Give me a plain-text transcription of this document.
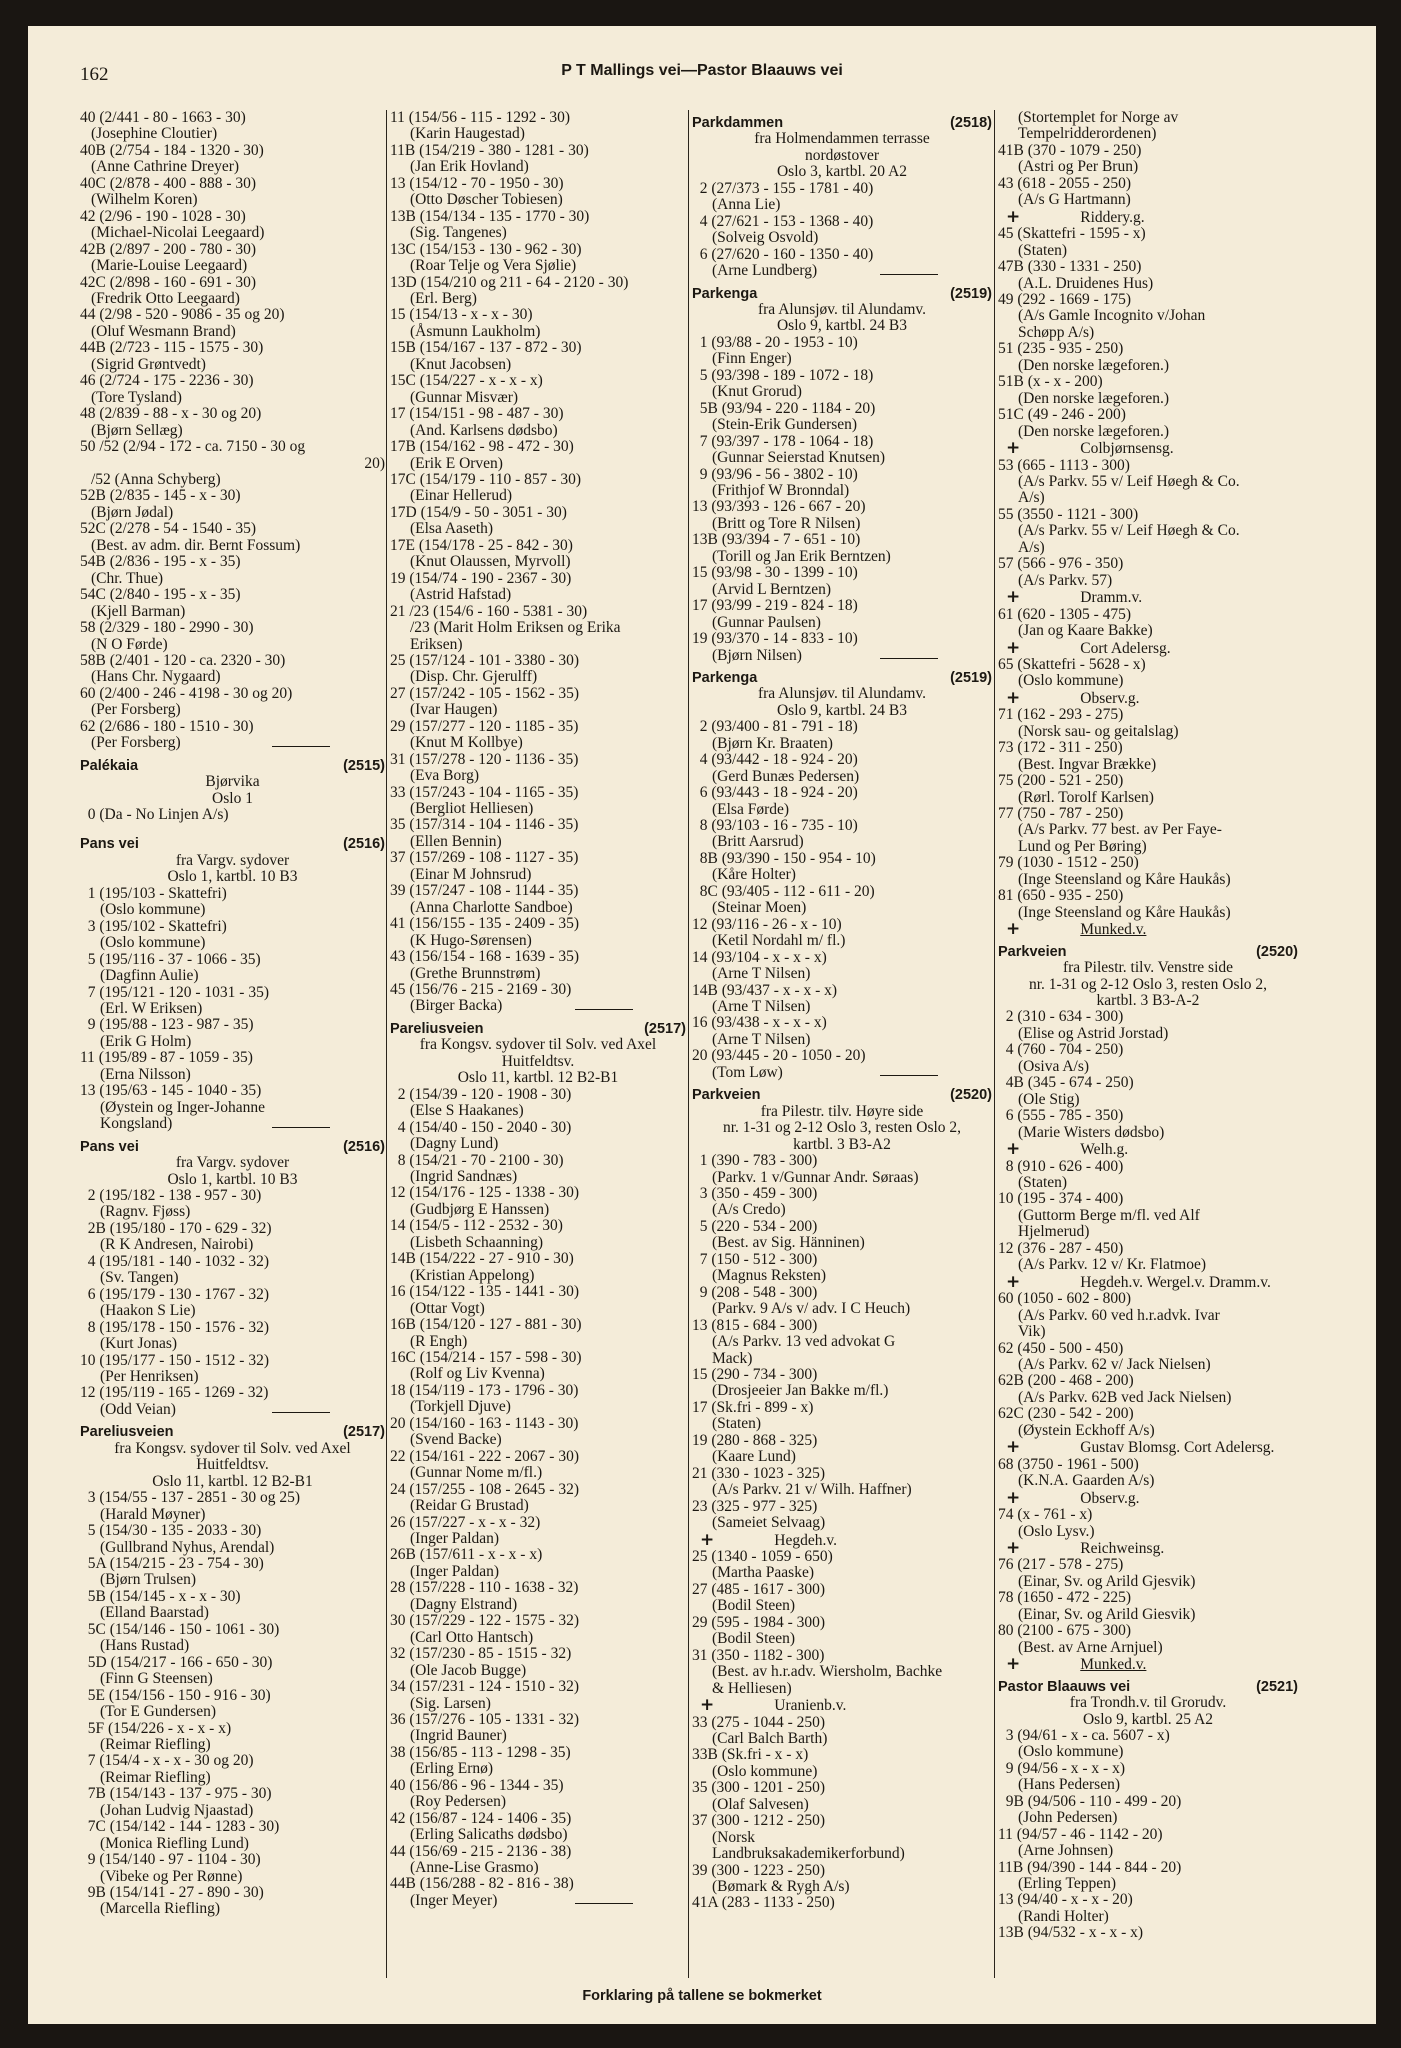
162	P T Mallings vei—Pastor Blaauws vei
40 (2/441 - 80 - 1663 - 30)
(Josephine Cloutier)
40B (2/754 - 184 - 1320 - 30)
(Anne Cathrine Dreyer)
40C (2/878 - 400 - 888 - 30)
(Wilhelm Koren)
42 (2/96 - 190 - 1028 - 30)
(Michael-Nicolai Leegaard)
42B (2/897 - 200 - 780 - 30)
(Marie-Louise Leegaard)
42C (2/898 - 160 - 691 - 30)
(Fredrik Otto Leegaard)
44 (2/98 - 520 - 9086 - 35 og 20)
(Oluf Wesmann Brand)
44B (2/723 - 115 - 1575 - 30)
(Sigrid Grøntvedt)
46 (2/724 - 175 - 2236 - 30)
(Tore Tysland)
48 (2/839 - 88 - x - 30 og 20)
(Bjørn Sellæg)
50 /52 (2/94 - 172 - ca. 7150 - 30 og
20)
/52 (Anna Schyberg)
52B (2/835 - 145 - x - 30)
(Bjørn Jødal)
52C (2/278 - 54 - 1540 - 35)
(Best. av adm. dir. Bernt Fossum)
54B (2/836 - 195 - x - 35)
(Chr. Thue)
54C (2/840 - 195 - x - 35)
(Kjell Barman)
58 (2/329 - 180 - 2990 - 30)
(N O Førde)
58B (2/401 - 120 - ca. 2320 - 30)
(Hans Chr. Nygaard)
60 (2/400 - 246 - 4198 - 30 og 20)
(Per Forsberg)
62 (2/686 - 180 - 1510 - 30)
(Per Forsberg)
Palékaia	(2515)
Bjørvika
Oslo 1
0 (Da - No Linjen A/s)
Pans vei	(2516)
fra Vargv. sydover
Oslo 1, kartbl. 10 B3
1 (195/103 - Skattefri)
(Oslo kommune)
3 (195/102 - Skattefri)
(Oslo kommune)
5 (195/116 - 37 - 1066 - 35)
(Dagfinn Aulie)
7 (195/121 - 120 - 1031 - 35)
(Erl. W Eriksen)
9 (195/88 - 123 - 987 - 35)
(Erik G Holm)
11 (195/89 - 87 - 1059 - 35)
(Erna Nilsson)
13 (195/63 - 145 - 1040 - 35)
(Øystein og Inger-Johanne
Kongsland)
Pans vei	(2516)
fra Vargv. sydover
Oslo 1, kartbl. 10 B3
2 (195/182 - 138 - 957 - 30)
(Ragnv. Fjøss)
2B (195/180 - 170 - 629 - 32)
(R K Andresen, Nairobi)
4 (195/181 - 140 - 1032 - 32)
(Sv. Tangen)
6 (195/179 - 130 - 1767 - 32)
(Haakon S Lie)
8 (195/178 - 150 - 1576 - 32)
(Kurt Jonas)
10 (195/177 - 150 - 1512 - 32)
(Per Henriksen)
12 (195/119 - 165 - 1269 - 32)
(Odd Veian)
Pareliusveien	(2517)
fra Kongsv. sydover til Solv. ved Axel
Huitfeldtsv.
Oslo 11, kartbl. 12 B2-B1
3 (154/55 - 137 - 2851 - 30 og 25)
(Harald Møyner)
5 (154/30 - 135 - 2033 - 30)
(Gullbrand Nyhus, Arendal)
5A (154/215 - 23 - 754 - 30)
(Bjørn Trulsen)
5B (154/145 - x - x - 30)
(Elland Baarstad)
5C (154/146 - 150 - 1061 - 30)
(Hans Rustad)
5D (154/217 - 166 - 650 - 30)
(Finn G Steensen)
5E (154/156 - 150 - 916 - 30)
(Tor E Gundersen)
5F (154/226 - x - x - x)
(Reimar Riefling)
7 (154/4 - x - x - 30 og 20)
(Reimar Riefling)
7B (154/143 - 137 - 975 - 30)
(Johan Ludvig Njaastad)
7C (154/142 - 144 - 1283 - 30)
(Monica Riefling Lund)
9 (154/140 - 97 - 1104 - 30)
(Vibeke og Per Rønne)
9B (154/141 - 27 - 890 - 30)
(Marcella Riefling)
11 (154/56 - 115 - 1292 - 30)
(Karin Haugestad)
11B (154/219 - 380 - 1281 - 30)
(Jan Erik Hovland)
13 (154/12 - 70 - 1950 - 30)
(Otto Døscher Tobiesen)
13B (154/134 - 135 - 1770 - 30)
(Sig. Tangenes)
13C (154/153 - 130 - 962 - 30)
(Roar Telje og Vera Sjølie)
13D (154/210 og 211 - 64 - 2120 - 30)
(Erl. Berg)
15 (154/13 - x - x - 30)
(Åsmunn Laukholm)
15B (154/167 - 137 - 872 - 30)
(Knut Jacobsen)
15C (154/227 - x - x - x)
(Gunnar Misvær)
17 (154/151 - 98 - 487 - 30)
(And. Karlsens dødsbo)
17B (154/162 - 98 - 472 - 30)
(Erik E Orven)
17C (154/179 - 110 - 857 - 30)
(Einar Hellerud)
17D (154/9 - 50 - 3051 - 30)
(Elsa Aaseth)
17E (154/178 - 25 - 842 - 30)
(Knut Olaussen, Myrvoll)
19 (154/74 - 190 - 2367 - 30)
(Astrid Hafstad)
21 /23 (154/6 - 160 - 5381 - 30)
/23 (Marit Holm Eriksen og Erika
Eriksen)
25 (157/124 - 101 - 3380 - 30)
(Disp. Chr. Gjerulff)
27 (157/242 - 105 - 1562 - 35)
(Ivar Haugen)
29 (157/277 - 120 - 1185 - 35)
(Knut M Kollbye)
31 (157/278 - 120 - 1136 - 35)
(Eva Borg)
33 (157/243 - 104 - 1165 - 35)
(Bergliot Helliesen)
35 (157/314 - 104 - 1146 - 35)
(Ellen Bennin)
37 (157/269 - 108 - 1127 - 35)
(Einar M Johnsrud)
39 (157/247 - 108 - 1144 - 35)
(Anna Charlotte Sandboe)
41 (156/155 - 135 - 2409 - 35)
(K Hugo-Sørensen)
43 (156/154 - 168 - 1639 - 35)
(Grethe Brunnstrøm)
45 (156/76 - 215 - 2169 - 30)
(Birger Backa)
Pareliusveien	(2517)
fra Kongsv. sydover til Solv. ved Axel
Huitfeldtsv.
Oslo 11, kartbl. 12 B2-B1
2 (154/39 - 120 - 1908 - 30)
(Else S Haakanes)
4 (154/40 - 150 - 2040 - 30)
(Dagny Lund)
8 (154/21 - 70 - 2100 - 30)
(Ingrid Sandnæs)
12 (154/176 - 125 - 1338 - 30)
(Gudbjørg E Hanssen)
14 (154/5 - 112 - 2532 - 30)
(Lisbeth Schaanning)
14B (154/222 - 27 - 910 - 30)
(Kristian Appelong)
16 (154/122 - 135 - 1441 - 30)
(Ottar Vogt)
16B (154/120 - 127 - 881 - 30)
(R Engh)
16C (154/214 - 157 - 598 - 30)
(Rolf og Liv Kvenna)
18 (154/119 - 173 - 1796 - 30)
(Torkjell Djuve)
20 (154/160 - 163 - 1143 - 30)
(Svend Backe)
22 (154/161 - 222 - 2067 - 30)
(Gunnar Nome m/fl.)
24 (157/255 - 108 - 2645 - 32)
(Reidar G Brustad)
26 (157/227 - x - x - 32)
(Inger Paldan)
26B (157/611 - x - x - x)
(Inger Paldan)
28 (157/228 - 110 - 1638 - 32)
(Dagny Elstrand)
30 (157/229 - 122 - 1575 - 32)
(Carl Otto Hantsch)
32 (157/230 - 85 - 1515 - 32)
(Ole Jacob Bugge)
34 (157/231 - 124 - 1510 - 32)
(Sig. Larsen)
36 (157/276 - 105 - 1331 - 32)
(Ingrid Bauner)
38 (156/85 - 113 - 1298 - 35)
(Erling Ernø)
40 (156/86 - 96 - 1344 - 35)
(Roy Pedersen)
42 (156/87 - 124 - 1406 - 35)
(Erling Salicaths dødsbo)
44 (156/69 - 215 - 2136 - 38)
(Anne-Lise Grasmo)
44B (156/288 - 82 - 816 - 38)
(Inger Meyer)
Parkdammen	(2518)
fra Holmendammen terrasse
nordøstover
Oslo 3, kartbl. 20 A2
2 (27/373 - 155 - 1781 - 40)
(Anna Lie)
4 (27/621 - 153 - 1368 - 40)
(Solveig Osvold)
6 (27/620 - 160 - 1350 - 40)
(Arne Lundberg)
Parkenga	(2519)
fra Alunsjøv. til Alundamv.
Oslo 9, kartbl. 24 B3
1 (93/88 - 20 - 1953 - 10)
(Finn Enger)
5 (93/398 - 189 - 1072 - 18)
(Knut Grorud)
5B (93/94 - 220 - 1184 - 20)
(Stein-Erik Gundersen)
7 (93/397 - 178 - 1064 - 18)
(Gunnar Seierstad Knutsen)
9 (93/96 - 56 - 3802 - 10)
(Frithjof W Bronndal)
13 (93/393 - 126 - 667 - 20)
(Britt og Tore R Nilsen)
13B (93/394 - 7 - 651 - 10)
(Torill og Jan Erik Berntzen)
15 (93/98 - 30 - 1399 - 10)
(Arvid L Berntzen)
17 (93/99 - 219 - 824 - 18)
(Gunnar Paulsen)
19 (93/370 - 14 - 833 - 10)
(Bjørn Nilsen)
Parkenga	(2519)
fra Alunsjøv. til Alundamv.
Oslo 9, kartbl. 24 B3
2 (93/400 - 81 - 791 - 18)
(Bjørn Kr. Braaten)
4 (93/442 - 18 - 924 - 20)
(Gerd Bunæs Pedersen)
6 (93/443 - 18 - 924 - 20)
(Elsa Førde)
8 (93/103 - 16 - 735 - 10)
(Britt Aarsrud)
8B (93/390 - 150 - 954 - 10)
(Kåre Holter)
8C (93/405 - 112 - 611 - 20)
(Steinar Moen)
12 (93/116 - 26 - x - 10)
(Ketil Nordahl m/ fl.)
14 (93/104 - x - x - x)
(Arne T Nilsen)
14B (93/437 - x - x - x)
(Arne T Nilsen)
16 (93/438 - x - x - x)
(Arne T Nilsen)
20 (93/445 - 20 - 1050 - 20)
(Tom Løw)
Parkveien	(2520)
fra Pilestr. tilv. Høyre side
nr. 1-31 og 2-12 Oslo 3, resten Oslo 2,
kartbl. 3 B3-A2
1 (390 - 783 - 300)
(Parkv. 1 v/Gunnar Andr. Søraas)
3 (350 - 459 - 300)
(A/s Credo)
5 (220 - 534 - 200)
(Best. av Sig. Hänninen)
7 (150 - 512 - 300)
(Magnus Reksten)
9 (208 - 548 - 300)
(Parkv. 9 A/s v/ adv. I C Heuch)
13 (815 - 684 - 300)
(A/s Parkv. 13 ved advokat G
Mack)
15 (290 - 734 - 300)
(Drosjeeier Jan Bakke m/fl.)
17 (Sk.fri - 899 - x)
(Staten)
19 (280 - 868 - 325)
(Kaare Lund)
21 (330 - 1023 - 325)
(A/s Parkv. 21 v/ Wilh. Haffner)
23 (325 - 977 - 325)
(Sameiet Selvaag)
+	Hegdeh.v.
25 (1340 - 1059 - 650)
(Martha Paaske)
27 (485 - 1617 - 300)
(Bodil Steen)
29 (595 - 1984 - 300)
(Bodil Steen)
31 (350 - 1182 - 300)
(Best. av h.r.adv. Wiersholm, Bachke
& Helliesen)
+	Uranienb.v.
33 (275 - 1044 - 250)
(Carl Balch Barth)
33B (Sk.fri - x - x)
(Oslo kommune)
35 (300 - 1201 - 250)
(Olaf Salvesen)
37 (300 - 1212 - 250)
(Norsk
Landbruksakademikerforbund)
39 (300 - 1223 - 250)
(Bømark & Rygh A/s)
41A (283 - 1133 - 250)
(Stortemplet for Norge av
Tempelridderordenen)
41B (370 - 1079 - 250)
(Astri og Per Brun)
43 (618 - 2055 - 250)
(A/s G Hartmann)
+	Riddery.g.
45 (Skattefri - 1595 - x)
(Staten)
47B (330 - 1331 - 250)
(A.L. Druidenes Hus)
49 (292 - 1669 - 175)
(A/s Gamle Incognito v/Johan
Schøpp A/s)
51 (235 - 935 - 250)
(Den norske lægeforen.)
51B (x - x - 200)
(Den norske lægeforen.)
51C (49 - 246 - 200)
(Den norske lægeforen.)
+	Colbjørnsensg.
53 (665 - 1113 - 300)
(A/s Parkv. 55 v/ Leif Høegh & Co.
A/s)
55 (3550 - 1121 - 300)
(A/s Parkv. 55 v/ Leif Høegh & Co.
A/s)
57 (566 - 976 - 350)
(A/s Parkv. 57)
+	Dramm.v.
61 (620 - 1305 - 475)
(Jan og Kaare Bakke)
+	Cort Adelersg.
65 (Skattefri - 5628 - x)
(Oslo kommune)
+	Observ.g.
71 (162 - 293 - 275)
(Norsk sau- og geitalslag)
73 (172 - 311 - 250)
(Best. Ingvar Brække)
75 (200 - 521 - 250)
(Rørl. Torolf Karlsen)
77 (750 - 787 - 250)
(A/s Parkv. 77 best. av Per Faye-
Lund og Per Børing)
79 (1030 - 1512 - 250)
(Inge Steensland og Kåre Haukås)
81 (650 - 935 - 250)
(Inge Steensland og Kåre Haukås)
+	Munked.v.
Parkveien	(2520)
fra Pilestr. tilv. Venstre side
nr. 1-31 og 2-12 Oslo 3, resten Oslo 2,
kartbl. 3 B3-A-2
2 (310 - 634 - 300)
(Elise og Astrid Jorstad)
4 (760 - 704 - 250)
(Osiva A/s)
4B (345 - 674 - 250)
(Ole Stig)
6 (555 - 785 - 350)
(Marie Wisters dødsbo)
+	Welh.g.
8 (910 - 626 - 400)
(Staten)
10 (195 - 374 - 400)
(Guttorm Berge m/fl. ved Alf
Hjelmerud)
12 (376 - 287 - 450)
(A/s Parkv. 12 v/ Kr. Flatmoe)
+	Hegdeh.v. Wergel.v. Dramm.v.
60 (1050 - 602 - 800)
(A/s Parkv. 60 ved h.r.advk. Ivar
Vik)
62 (450 - 500 - 450)
(A/s Parkv. 62 v/ Jack Nielsen)
62B (200 - 468 - 200)
(A/s Parkv. 62B ved Jack Nielsen)
62C (230 - 542 - 200)
(Øystein Eckhoff A/s)
+	Gustav Blomsg. Cort Adelersg.
68 (3750 - 1961 - 500)
(K.N.A. Gaarden A/s)
+	Observ.g.
74 (x - 761 - x)
(Oslo Lysv.)
+	Reichweinsg.
76 (217 - 578 - 275)
(Einar, Sv. og Arild Gjesvik)
78 (1650 - 472 - 225)
(Einar, Sv. og Arild Giesvik)
80 (2100 - 675 - 300)
(Best. av Arne Arnjuel)
+	Munked.v.
Pastor Blaauws vei	(2521)
fra Trondh.v. til Grorudv.
Oslo 9, kartbl. 25 A2
3 (94/61 - x - ca. 5607 - x)
(Oslo kommune)
9 (94/56 - x - x - x)
(Hans Pedersen)
9B (94/506 - 110 - 499 - 20)
(John Pedersen)
11 (94/57 - 46 - 1142 - 20)
(Arne Johnsen)
11B (94/390 - 144 - 844 - 20)
(Erling Teppen)
13 (94/40 - x - x - 20)
(Randi Holter)
13B (94/532 - x - x - x)
Forklaring på tallene se bokmerket
